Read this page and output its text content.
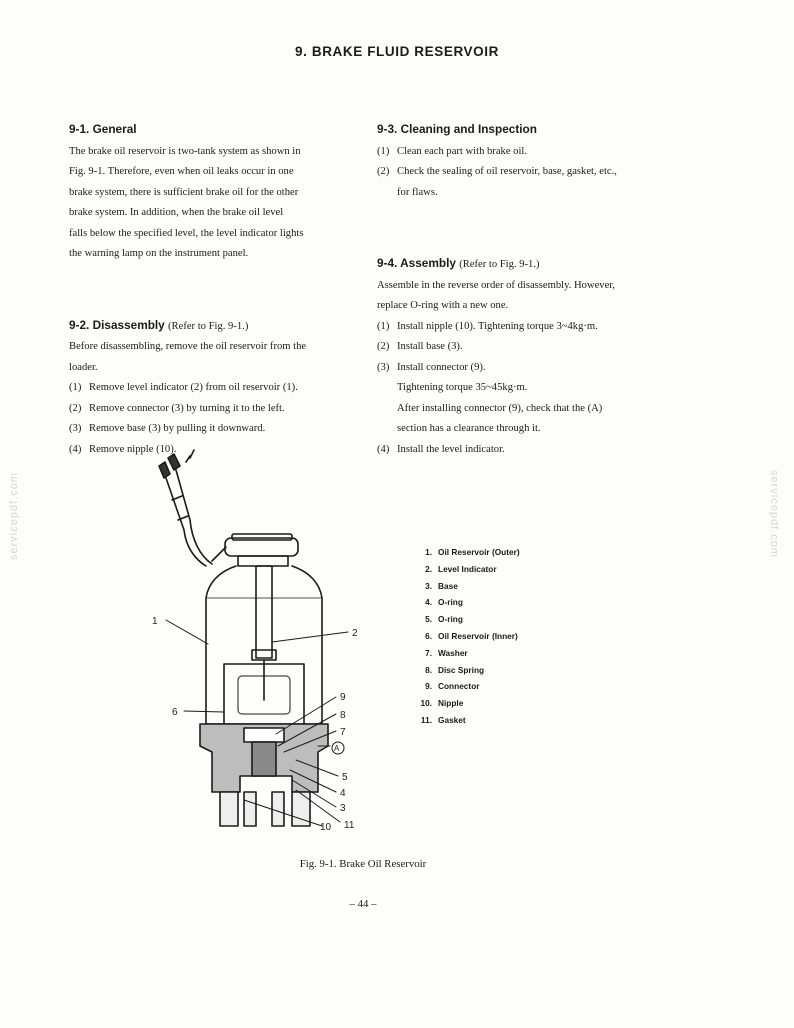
9. BRAKE FLUID RESERVOIR
9-1. General
The brake oil reservoir is two-tank system as shown in
Fig. 9-1. Therefore, even when oil leaks occur in one
brake system, there is sufficient brake oil for the other
brake system. In addition, when the brake oil level
falls below the specified level, the level indicator lights
the warning lamp on the instrument panel.
9-2. Disassembly (Refer to Fig. 9-1.)
Before disassembling, remove the oil reservoir from the
loader.
(1) Remove level indicator (2) from oil reservoir (1).
(2) Remove connector (3) by turning it to the left.
(3) Remove base (3) by pulling it downward.
(4) Remove nipple (10).
9-3. Cleaning and Inspection
(1) Clean each part with brake oil.
(2) Check the sealing of oil reservoir, base, gasket, etc.,
for flaws.
9-4. Assembly (Refer to Fig. 9-1.)
Assemble in the reverse order of disassembly. However,
replace O-ring with a new one.
(1) Install nipple (10). Tightening torque 3~4kg·m.
(2) Install base (3).
(3) Install connector (9).
Tightening torque 35~45kg·m.
After installing connector (9), check that the (A)
section has a clearance through it.
(4) Install the level indicator.
servicepdf.com	servicepdf.com
1
2
6
9
8
7
A
5
4
3
11
10
1. Oil Reservoir (Outer)
2. Level Indicator
3. Base
4. O-ring
5. O-ring
6. Oil Reservoir (Inner)
7. Washer
8. Disc Spring
9. Connector
10. Nipple
11. Gasket
Fig. 9-1. Brake Oil Reservoir
– 44 –
